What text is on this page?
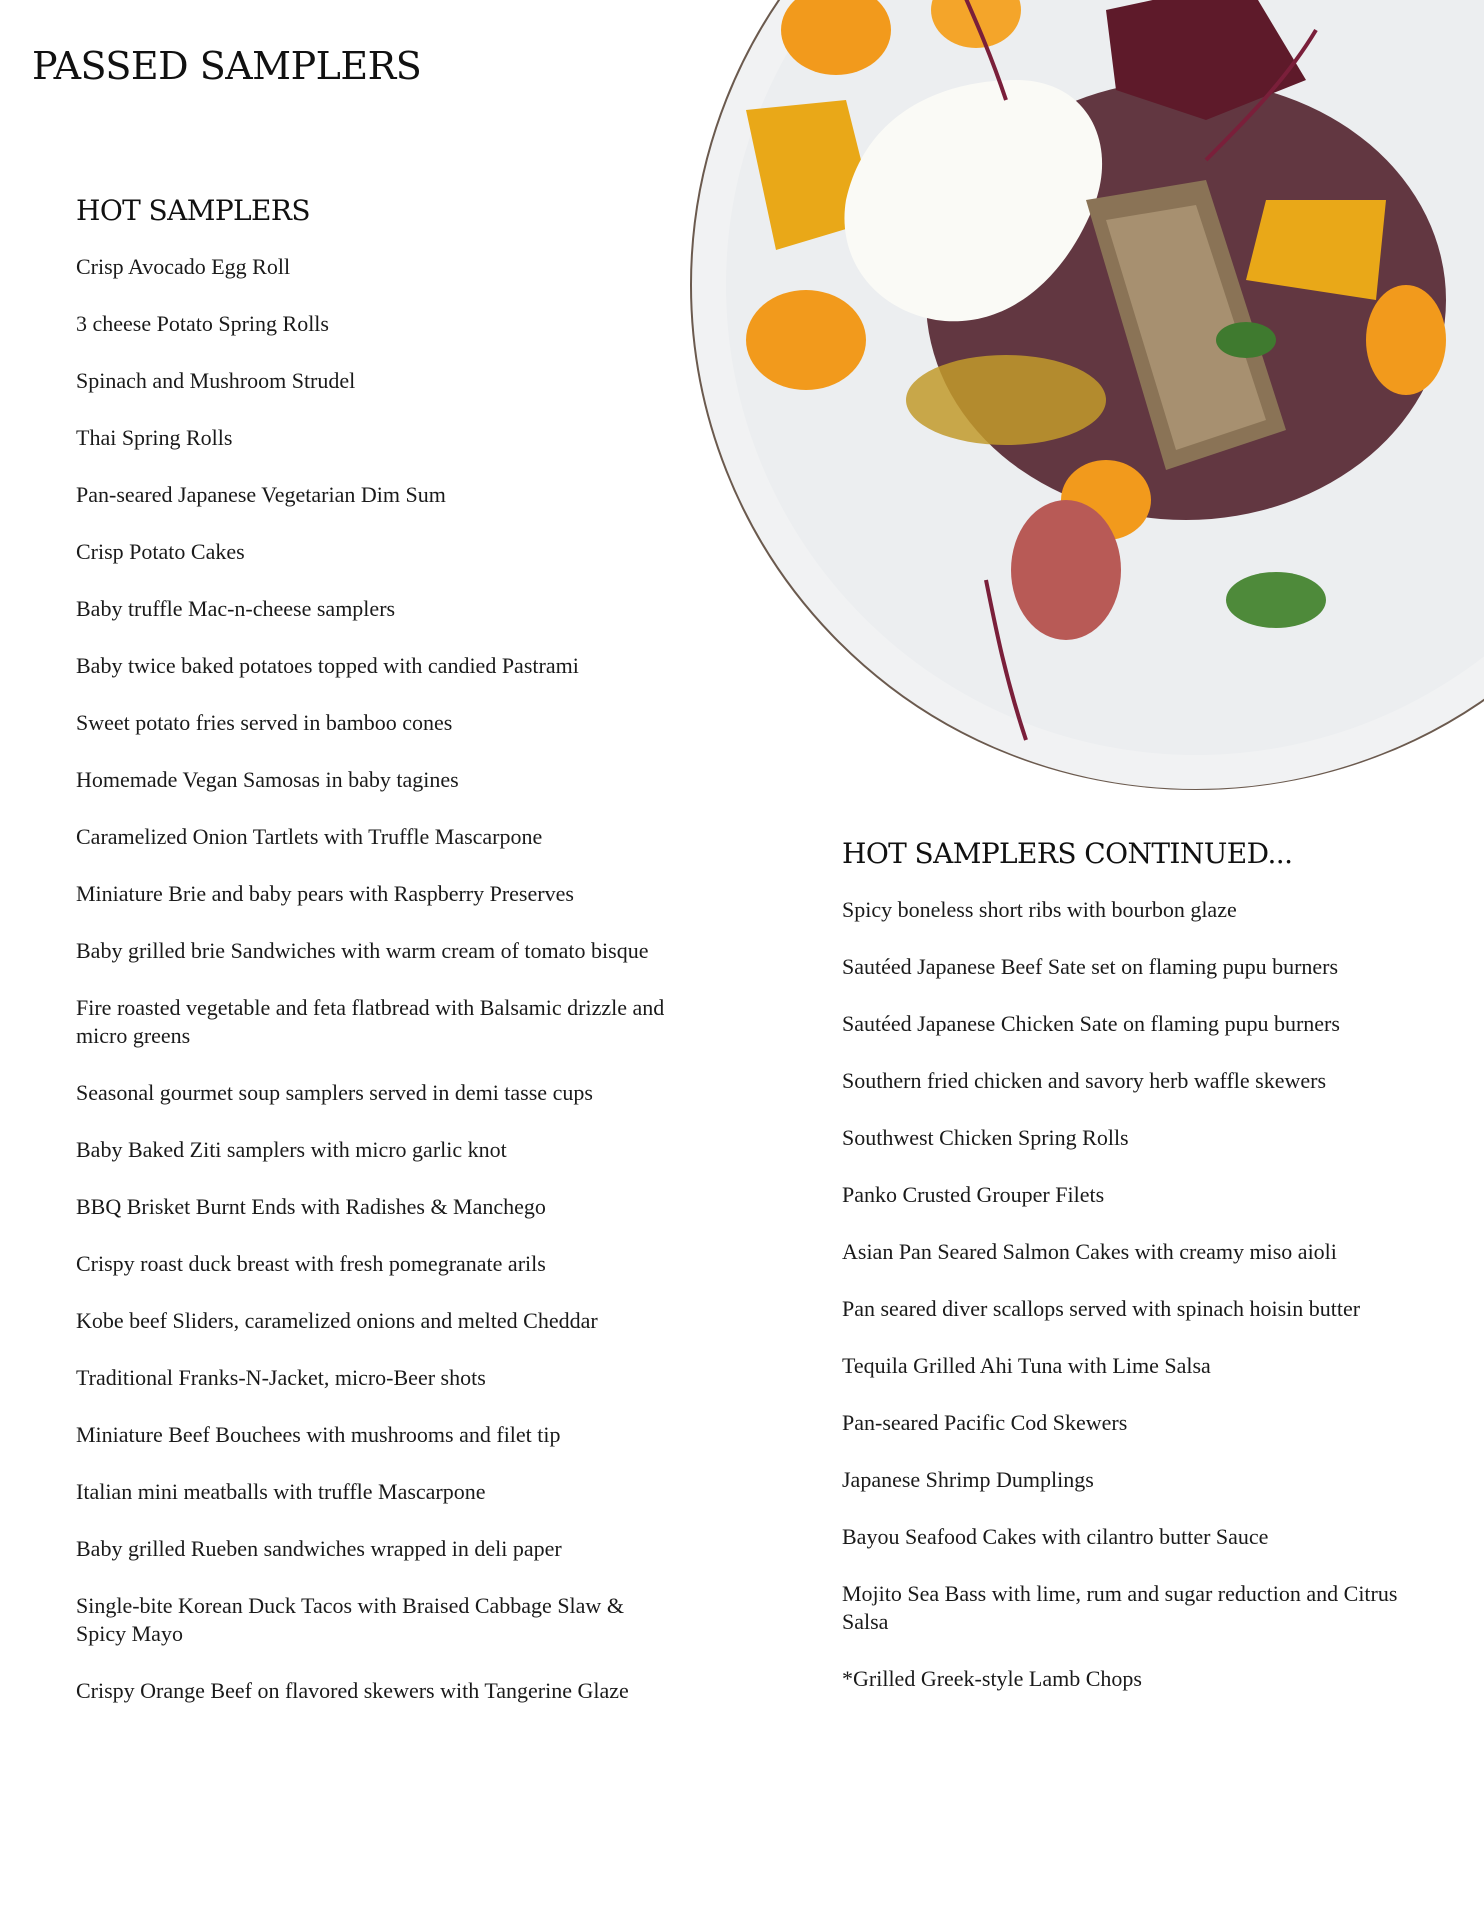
PASSED SAMPLERS
HOT SAMPLERS
Crisp Avocado Egg Roll
3 cheese Potato Spring Rolls
Spinach and Mushroom Strudel
Thai Spring Rolls
Pan-seared Japanese Vegetarian Dim Sum
Crisp Potato Cakes
Baby truffle Mac-n-cheese samplers
Baby twice baked potatoes topped with candied Pastrami
Sweet potato fries served in bamboo cones
Homemade Vegan Samosas in baby tagines
Caramelized Onion Tartlets with Truffle Mascarpone
Miniature Brie and baby pears with Raspberry Preserves
Baby grilled brie Sandwiches with warm cream of tomato bisque
Fire roasted vegetable and feta flatbread with Balsamic drizzle and micro greens
Seasonal gourmet soup samplers served in demi tasse cups
Baby Baked Ziti samplers with micro garlic knot
BBQ Brisket Burnt Ends with Radishes & Manchego
Crispy roast duck breast with fresh pomegranate arils
Kobe beef Sliders, caramelized onions and melted Cheddar
Traditional Franks-N-Jacket, micro-Beer shots
Miniature Beef Bouchees with mushrooms and filet tip
Italian mini meatballs with truffle Mascarpone
Baby grilled Rueben sandwiches wrapped in deli paper
Single-bite Korean Duck Tacos with Braised Cabbage Slaw & Spicy Mayo
Crispy Orange Beef on flavored skewers with Tangerine Glaze
HOT SAMPLERS CONTINUED...
Spicy boneless short ribs with bourbon glaze
Sautéed Japanese Beef Sate set on flaming pupu burners
Sautéed Japanese Chicken Sate on flaming pupu burners
Southern fried chicken and savory herb waffle skewers
Southwest Chicken Spring Rolls
Panko Crusted Grouper Filets
Asian Pan Seared Salmon Cakes with creamy miso aioli
Pan seared diver scallops served with spinach hoisin butter
Tequila Grilled Ahi Tuna with Lime Salsa
Pan-seared Pacific Cod Skewers
Japanese Shrimp Dumplings
Bayou Seafood Cakes with cilantro butter Sauce
Mojito Sea Bass with lime, rum and sugar reduction and Citrus Salsa
*Grilled Greek-style Lamb Chops
